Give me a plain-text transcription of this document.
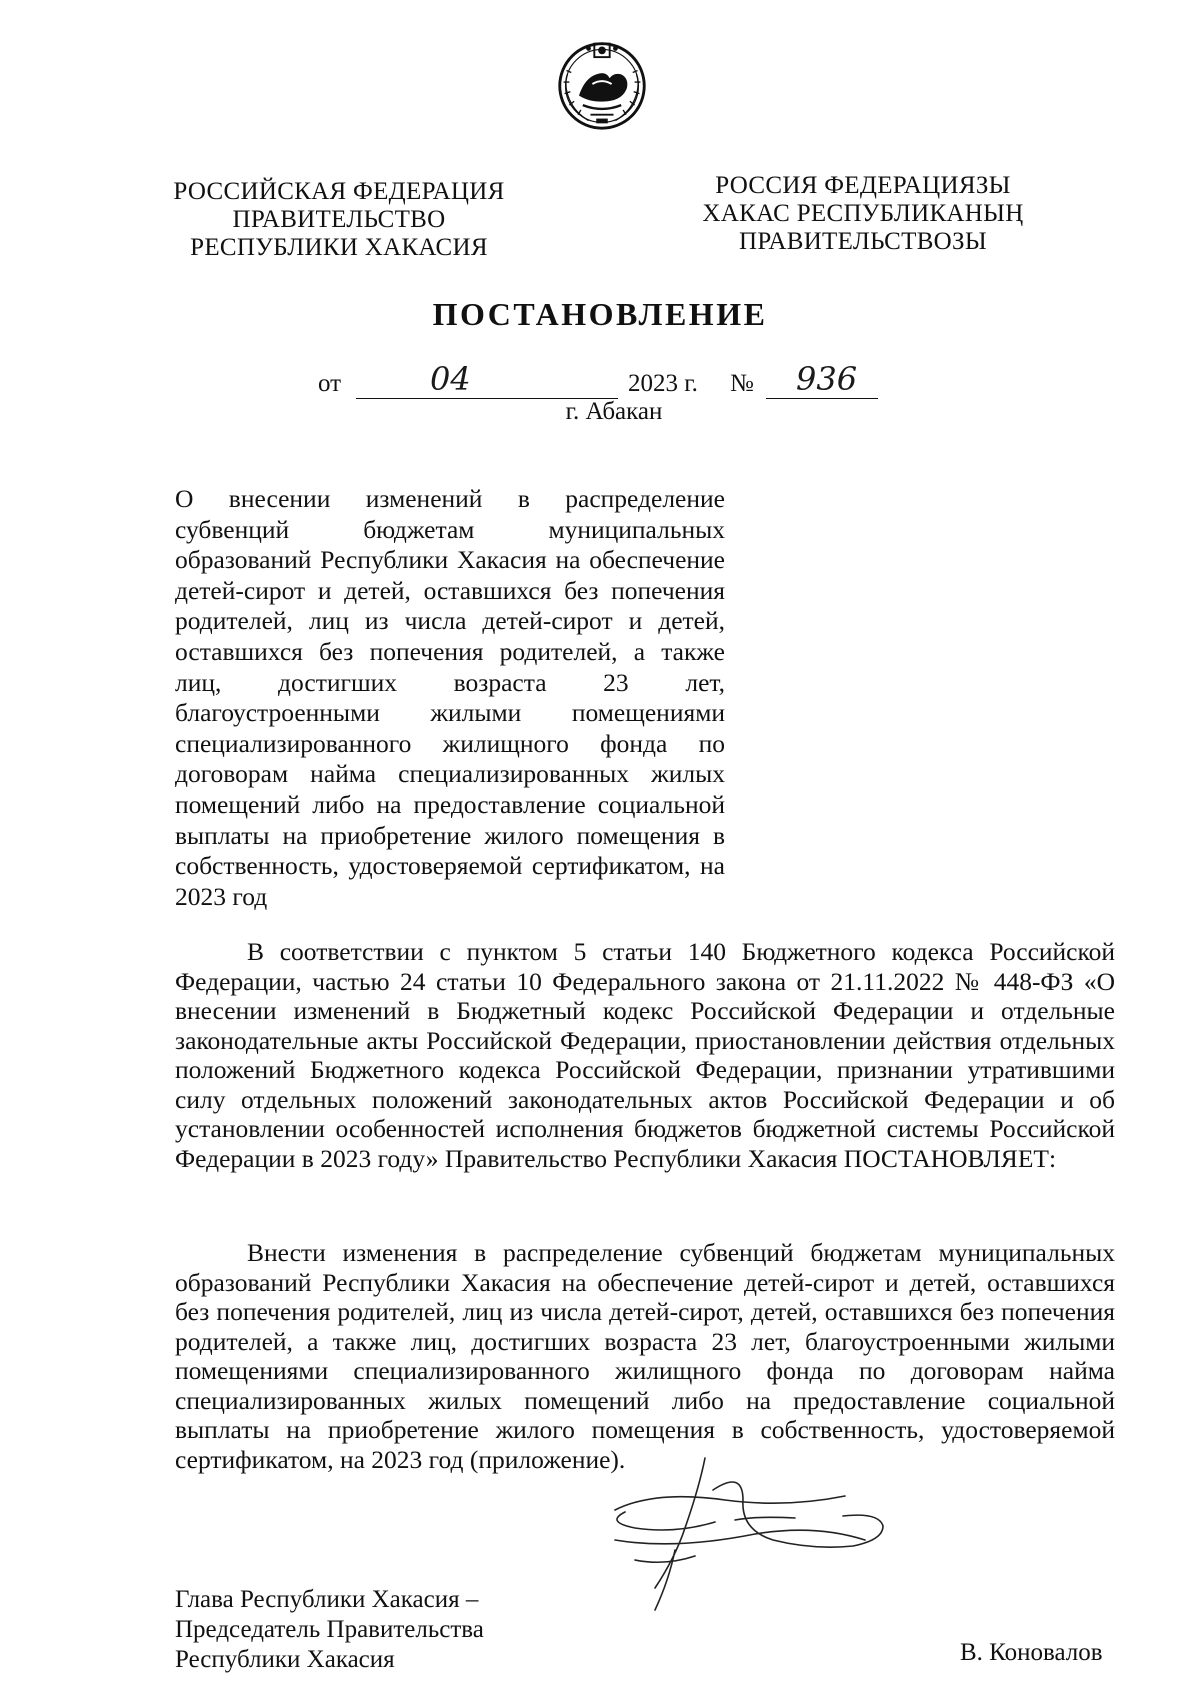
РОССИЙСКАЯ ФЕДЕРАЦИЯ
ПРАВИТЕЛЬСТВО
РЕСПУБЛИКИ ХАКАСИЯ
РОССИЯ ФЕДЕРАЦИЯЗЫ
ХАКАС РЕСПУБЛИКАНЫҢ
ПРАВИТЕЛЬСТВОЗЫ
ПОСТАНОВЛЕНИЕ
от	04	2023 г. № 936
г. Абакан
О внесении изменений в распределение субвенций бюджетам муниципальных образований Республики Хакасия на обеспечение детей-сирот и детей, оставшихся без попечения родителей, лиц из числа детей-сирот и детей, оставшихся без попечения родителей, а также лиц, достигших возраста 23 лет, благоустроенными жилыми помещениями специализированного жилищного фонда по договорам найма специализированных жилых помещений либо на предоставление социальной выплаты на приобретение жилого помещения в собственность, удостоверяемой сертификатом, на 2023 год
В соответствии с пунктом 5 статьи 140 Бюджетного кодекса Российской Федерации, частью 24 статьи 10 Федерального закона от 21.11.2022 № 448-ФЗ «О внесении изменений в Бюджетный кодекс Российской Федерации и отдельные законодательные акты Российской Федерации, приостановлении действия отдельных положений Бюджетного кодекса Российской Федерации, признании утратившими силу отдельных положений законодательных актов Российской Федерации и об установлении особенностей исполнения бюджетов бюджетной системы Российской Федерации в 2023 году» Правительство Республики Хакасия ПОСТАНОВЛЯЕТ:
Внести изменения в распределение субвенций бюджетам муниципальных образований Республики Хакасия на обеспечение детей-сирот и детей, оставшихся без попечения родителей, лиц из числа детей-сирот, детей, оставшихся без попечения родителей, а также лиц, достигших возраста 23 лет, благоустроенными жилыми помещениями специализированного жилищного фонда по договорам найма специализированных жилых помещений либо на предоставление социальной выплаты на приобретение жилого помещения в собственность, удостоверяемой сертификатом, на 2023 год (приложение).
Глава Республики Хакасия –
Председатель Правительства
Республики Хакасия	В. Коновалов
